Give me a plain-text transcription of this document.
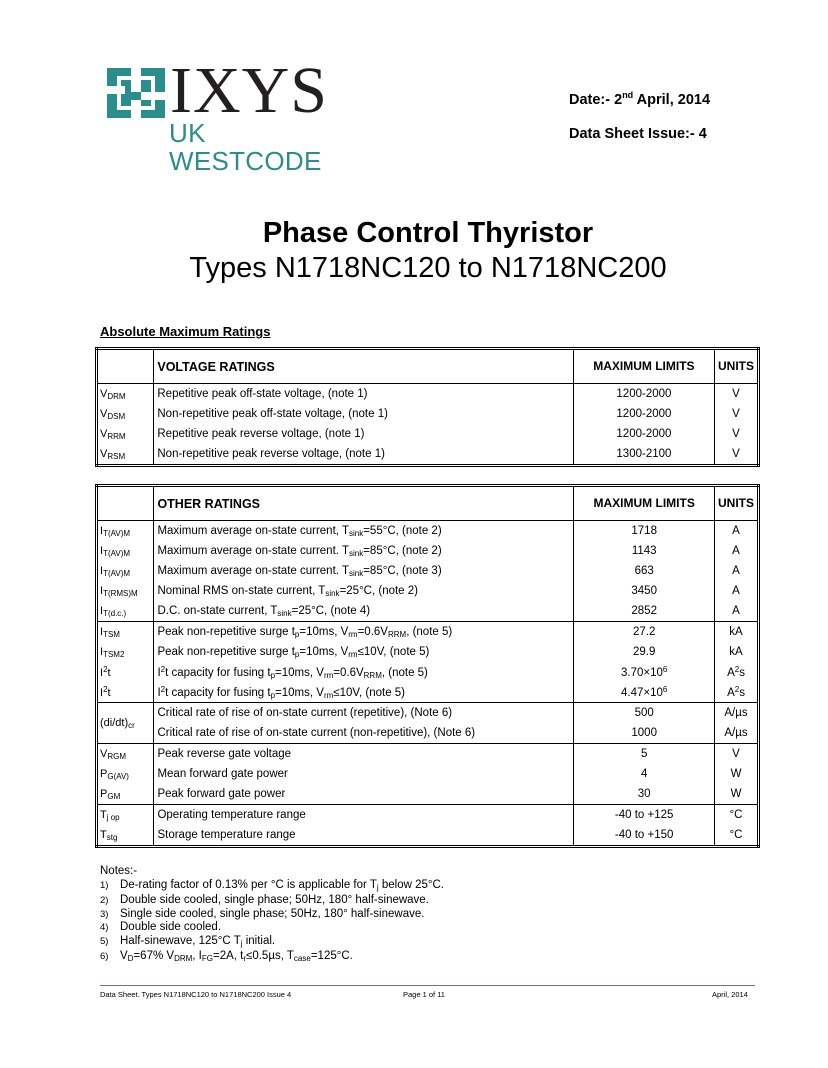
IXYS
UK WESTCODE
Date:- 2nd April, 2014
Data Sheet Issue:- 4
Phase Control Thyristor
Types N1718NC120 to N1718NC200
Absolute Maximum Ratings
	VOLTAGE RATINGS	MAXIMUM LIMITS	UNITS
$V_{DRM}$	Repetitive peak off-state voltage, (note 1)	1200-2000	V
$V_{DSM}$	Non-repetitive peak off-state voltage, (note 1)	1200-2000	V
$V_{RRM}$	Repetitive peak reverse voltage, (note 1)	1200-2000	V
$V_{RSM}$	Non-repetitive peak reverse voltage, (note 1)	1300-2100	V
	OTHER RATINGS	MAXIMUM LIMITS	UNITS
$I_{T(AV)M}$	Maximum average on-state current, $T_{sink}=55^\circ C$, (note 2)	1718	A
$I_{T(AV)M}$	Maximum average on-state current. $T_{sink}=85^\circ C$, (note 2)	1143	A
$I_{T(AV)M}$	Maximum average on-state current. $T_{sink}=85^\circ C$, (note 3)	663	A
$I_{T(RMS)M}$	Nominal RMS on-state current, $T_{sink}=25^\circ C$, (note 2)	3450	A
$I_{T(d.c.)}$	D.C. on-state current, $T_{sink}=25^\circ C$, (note 4)	2852	A
$I_{TSM}$	Peak non-repetitive surge $t_p=10ms$, $V_{rm}=0.6V_{RRM}$, (note 5)	27.2	kA
$I_{TSM2}$	Peak non-repetitive surge $t_p=10ms$, $V_{rm}\le 10V$, (note 5)	29.9	kA
$I^2t$	$I^2t$ capacity for fusing $t_p=10ms$, $V_{rm}=0.6V_{RRM}$, (note 5)	$3.70\times 10^6$	$A^2s$
$I^2t$	$I^2t$ capacity for fusing $t_p=10ms$, $V_{rm}\le 10V$, (note 5)	$4.47\times 10^6$	$A^2s$
$(di/dt)_{cr}$	Critical rate of rise of on-state current (repetitive), (Note 6)	500	A/µs
	Critical rate of rise of on-state current (non-repetitive), (Note 6)	1000	A/µs
$V_{RGM}$	Peak reverse gate voltage	5	V
$P_{G(AV)}$	Mean forward gate power	4	W
$P_{GM}$	Peak forward gate power	30	W
$T_{j op}$	Operating temperature range	-40 to +125	°C
$T_{stg}$	Storage temperature range	-40 to +150	°C
Notes:-
1) De-rating factor of 0.13% per °C is applicable for $T_j$ below 25°C.
2) Double side cooled, single phase; 50Hz, 180° half-sinewave.
3) Single side cooled, single phase; 50Hz, 180° half-sinewave.
4) Double side cooled.
5) Half-sinewave, 125°C $T_j$ initial.
6) $V_D=67\%$ $V_{DRM}$, $I_{FG}=2A$, $t_r\le 0.5\mu s$, $T_{case}=125^\circ C$.
Data Sheet. Types N1718NC120 to N1718NC200 Issue 4	Page 1 of 11	April, 2014
